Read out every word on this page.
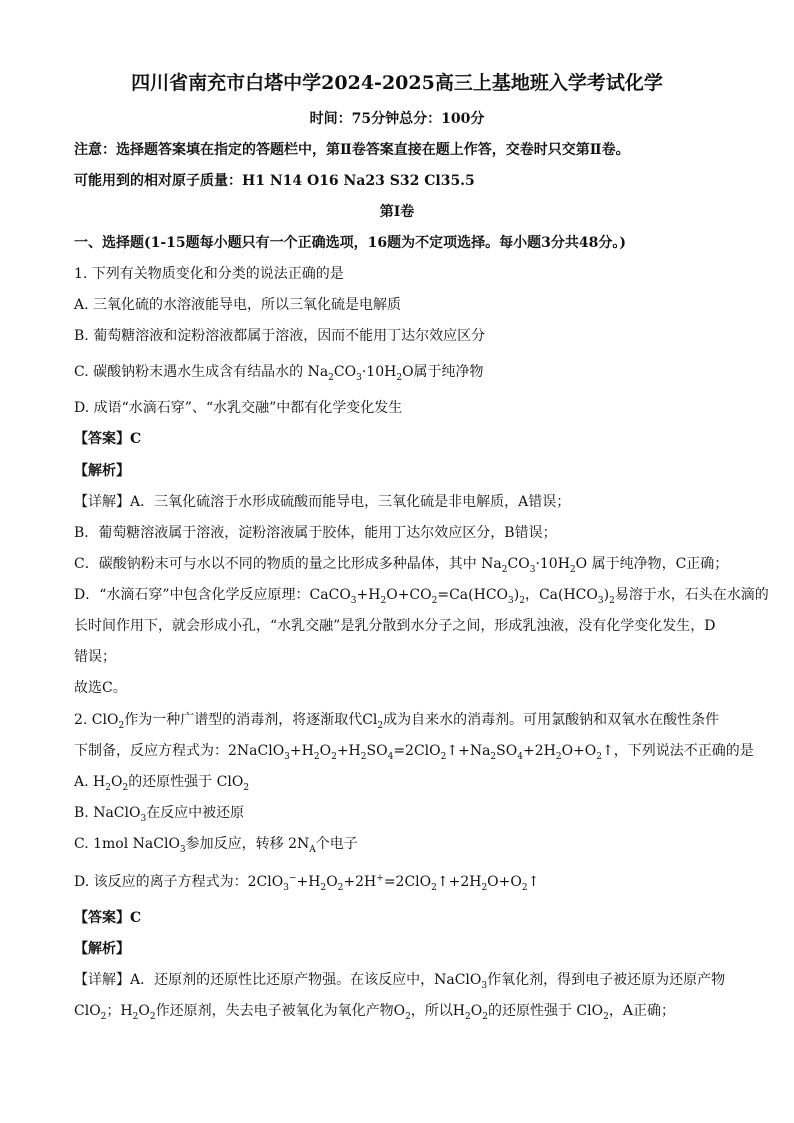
四川省南充市白塔中学2024-2025高三上基地班入学考试化学
时间：75分钟总分：100分
注意：选择题答案填在指定的答题栏中，第Ⅱ卷答案直接在题上作答，交卷时只交第Ⅱ卷。
可能用到的相对原子质量：H1 N14 O16 Na23 S32 Cl35.5
第Ⅰ卷
一、选择题(1-15题每小题只有一个正确选项，16题为不定项选择。每小题3分共48分。)
1. 下列有关物质变化和分类的说法正确的是
A. 三氧化硫的水溶液能导电，所以三氧化硫是电解质
B. 葡萄糖溶液和淀粉溶液都属于溶液，因而不能用丁达尔效应区分
C. 碳酸钠粉末遇水生成含有结晶水的 $Na_2CO_3\cdot 10H_2O$属于纯净物
D. 成语“水滴石穿”、“水乳交融”中都有化学变化发生
【答案】C
【解析】
【详解】A．三氧化硫溶于水形成硫酸而能导电，三氧化硫是非电解质，A错误；
B．葡萄糖溶液属于溶液，淀粉溶液属于胶体，能用丁达尔效应区分，B错误；
C．碳酸钠粉末可与水以不同的物质的量之比形成多种晶体，其中 $Na_2CO_3\cdot 10H_2O$ 属于纯净物，C正确；
D．“水滴石穿”中包含化学反应原理：$CaCO_3+H_2O+CO_2=Ca(HCO_3)_2$，$Ca(HCO_3)_2$易溶于水，石头在水滴的
长时间作用下，就会形成小孔，“水乳交融”是乳分散到水分子之间，形成乳浊液，没有化学变化发生，D
错误；
故选C。
2. ClO$_2$作为一种广谱型的消毒剂，将逐渐取代$Cl_2$成为自来水的消毒剂。可用氯酸钠和双氧水在酸性条件
下制备，反应方程式为：$2NaClO_3+H_2O_2+H_2SO_4=2ClO_2↑+Na_2SO_4+2H_2O+O_2↑$，下列说法不正确的是
A. $H_2O_2$的还原性强于 ClO$_2$
B. NaClO$_3$在反应中被还原
C. 1mol NaClO$_3$参加反应，转移 $2N_A$个电子
D. 该反应的离子方程式为：$2ClO_3^-+H_2O_2+2H^+=2ClO_2↑+2H_2O+O_2↑$
【答案】C
【解析】
【详解】A．还原剂的还原性比还原产物强。在该反应中，NaClO$_3$作氧化剂，得到电子被还原为还原产物
ClO$_2$；$H_2O_2$作还原剂，失去电子被氧化为氧化产物$O_2$，所以$H_2O_2$的还原性强于 ClO$_2$，A正确；
